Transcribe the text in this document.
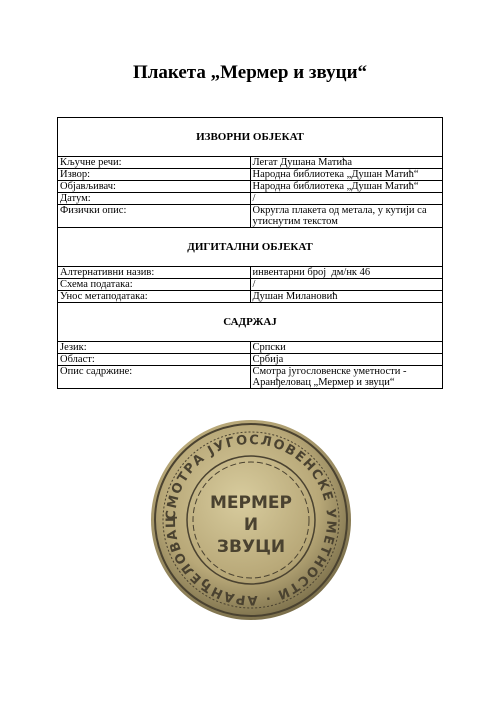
Плакета „Мермер и звуци“
ИЗВОРНИ ОБЈЕКАТ	
Кључне речи:	Легат Душана Матића
Извор:	Народна библиотека „Душан Матић“
Објављивач:	Народна библиотека „Душан Матић“
Датум:	/
Физички опис:	Округла плакета од метала, у кутији са утиснутим текстом
ДИГИТАЛНИ ОБЈЕКАТ	
Алтернативни назив:	инвентарни број  дм/нк 46
Схема података:	/
Унос метаподатака:	Душан Милановић
САДРЖАЈ	
Језик:	Српски
Област:	Србија
Опис садржине:	Смотра југословенске уметности - Аранђеловац „Мермер и звуци“
СМОТРА ЈУГОСЛОВЕНСКЕ УМЕТНОСТИ · АРАНЂЕЛОВАЦ
МЕРМЕР
И
ЗВУЦИ
